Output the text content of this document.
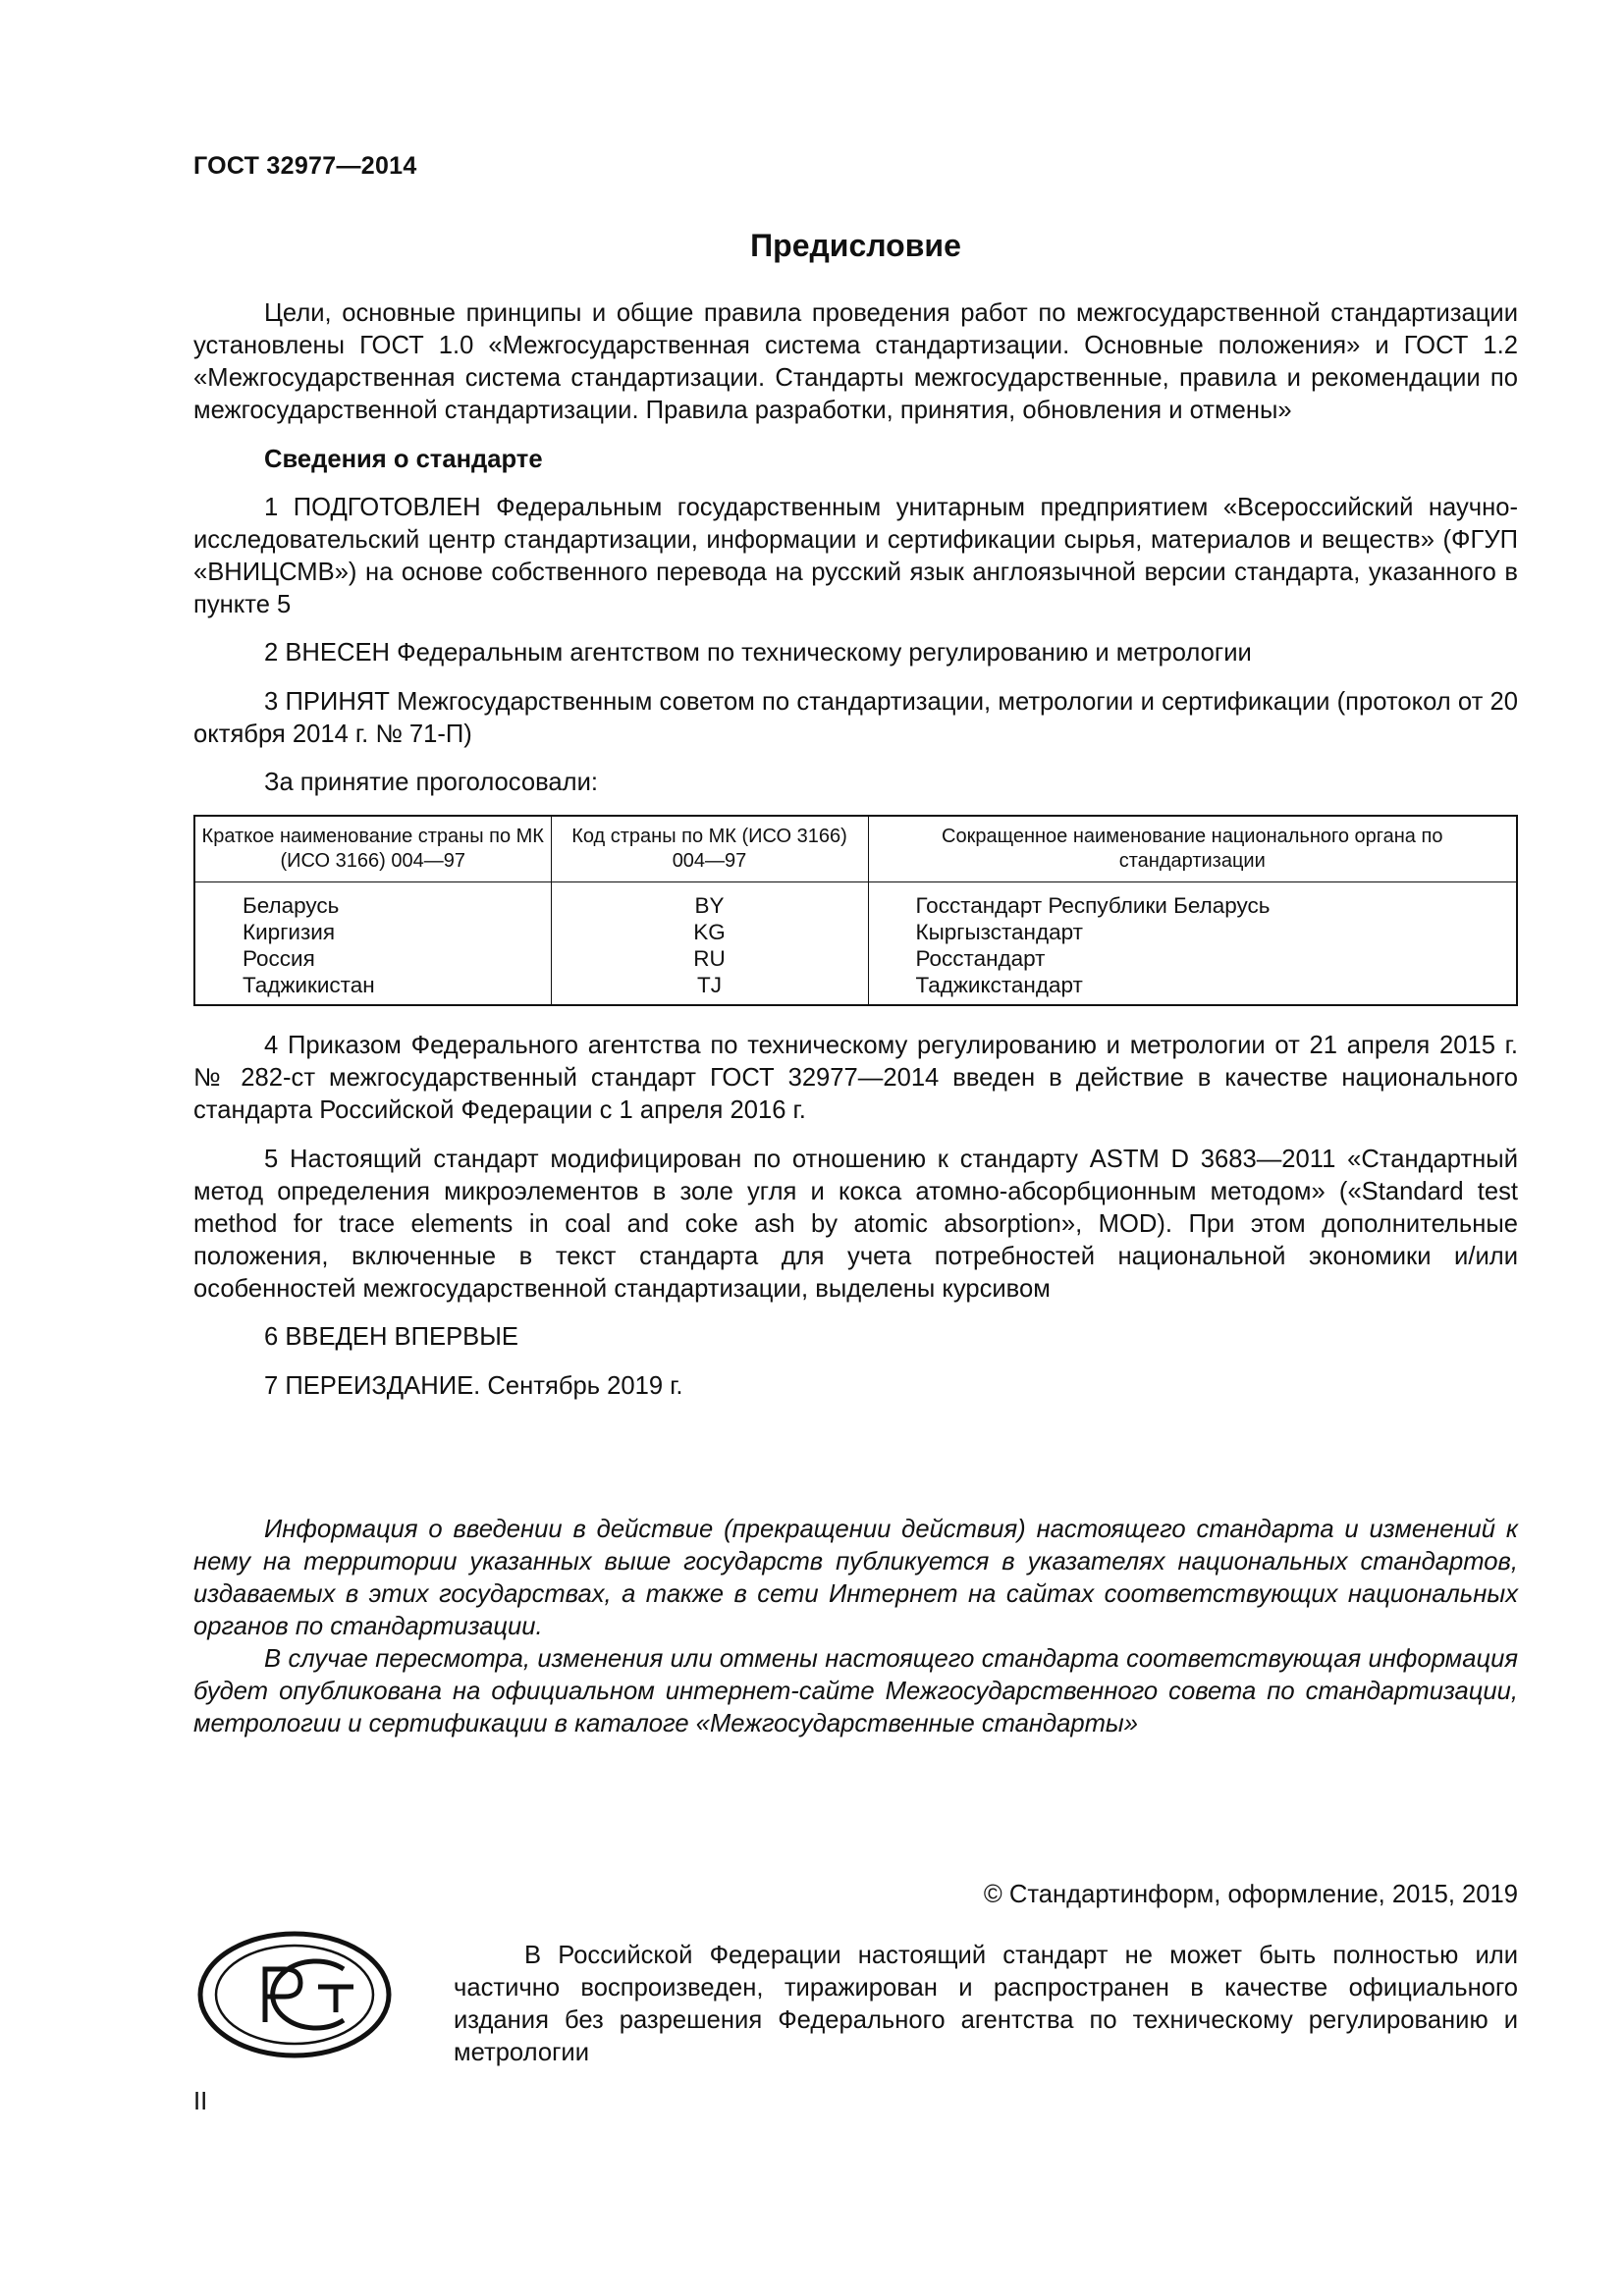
ГОСТ 32977—2014
Предисловие

Цели, основные принципы и общие правила проведения работ по межгосударственной стандартизации установлены ГОСТ 1.0 «Межгосударственная система стандартизации. Основные положения» и ГОСТ 1.2 «Межгосударственная система стандартизации. Стандарты межгосударственные, правила и рекомендации по межгосударственной стандартизации. Правила разработки, принятия, обновления и отмены»

Сведения о стандарте

1 ПОДГОТОВЛЕН Федеральным государственным унитарным предприятием «Всероссийский научно-исследовательский центр стандартизации, информации и сертификации сырья, материалов и веществ» (ФГУП «ВНИЦСМВ») на основе собственного перевода на русский язык англоязычной версии стандарта, указанного в пункте 5

2 ВНЕСЕН Федеральным агентством по техническому регулированию и метрологии

3 ПРИНЯТ Межгосударственным советом по стандартизации, метрологии и сертификации (протокол от 20 октября 2014 г. № 71-П)

За принятие проголосовали:

Краткое наименование страны по МК (ИСО 3166) 004—97	Код страны по МК (ИСО 3166) 004—97	Сокращенное наименование национального органа по стандартизации
Беларусь	BY	Госстандарт Республики Беларусь
Киргизия	KG	Кыргызстандарт
Россия	RU	Росстандарт
Таджикистан	TJ	Таджикстандарт

4 Приказом Федерального агентства по техническому регулированию и метрологии от 21 апреля 2015 г. № 282-ст межгосударственный стандарт ГОСТ 32977—2014 введен в действие в качестве национального стандарта Российской Федерации с 1 апреля 2016 г.

5 Настоящий стандарт модифицирован по отношению к стандарту ASTM D 3683—2011 «Стандартный метод определения микроэлементов в золе угля и кокса атомно-абсорбционным методом» («Standard test method for trace elements in coal and coke ash by atomic absorption», MOD). При этом дополнительные положения, включенные в текст стандарта для учета потребностей национальной экономики и/или особенностей межгосударственной стандартизации, выделены курсивом

6 ВВЕДЕН ВПЕРВЫЕ

7 ПЕРЕИЗДАНИЕ. Сентябрь 2019 г.

Информация о введении в действие (прекращении действия) настоящего стандарта и изменений к нему на территории указанных выше государств публикуется в указателях национальных стандартов, издаваемых в этих государствах, а также в сети Интернет на сайтах соответствующих национальных органов по стандартизации.

В случае пересмотра, изменения или отмены настоящего стандарта соответствующая информация будет опубликована на официальном интернет-сайте Межгосударственного совета по стандартизации, метрологии и сертификации в каталоге «Межгосударственные стандарты»

© Стандартинформ, оформление, 2015, 2019

В Российской Федерации настоящий стандарт не может быть полностью или частично воспроизведен, тиражирован и распространен в качестве официального издания без разрешения Федерального агентства по техническому регулированию и метрологии

II
